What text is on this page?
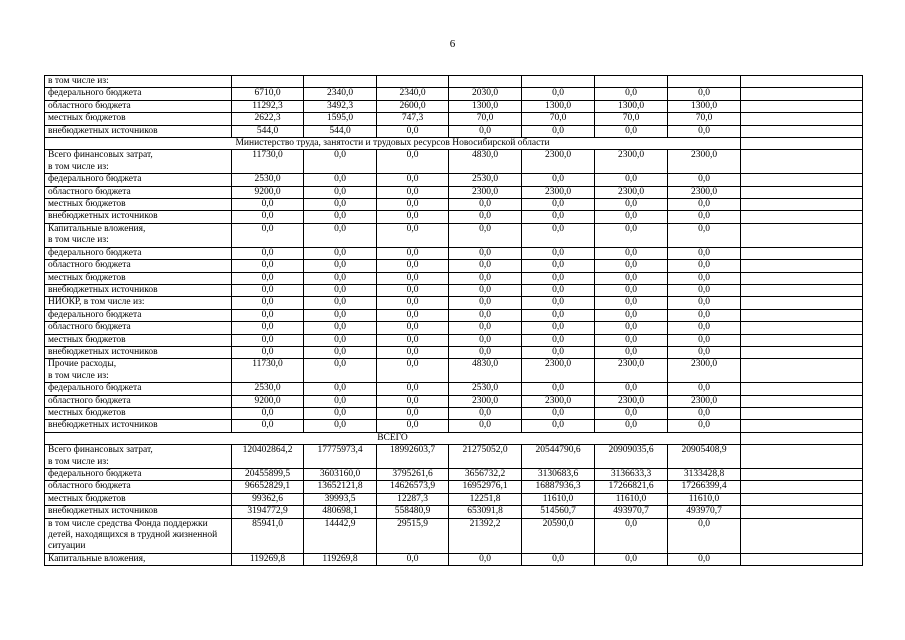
6
в том числе из:								

федерального бюджета	6710,0	2340,0	2340,0	2030,0	0,0	0,0	0,0	

областного бюджета	11292,3	3492,3	2600,0	1300,0	1300,0	1300,0	1300,0	

местных бюджетов	2622,3	1595,0	747,3	70,0	70,0	70,0	70,0	

внебюджетных источников	544,0	544,0	0,0	0,0	0,0	0,0	0,0	
Министерство труда, занятости и трудовых ресурсов Новосибирской области								

Всего финансовых затрат,
в том числе из:	11730,0	0,0	0,0	4830,0	2300,0	2300,0	2300,0	

федерального бюджета	2530,0	0,0	0,0	2530,0	0,0	0,0	0,0	

областного бюджета	9200,0	0,0	0,0	2300,0	2300,0	2300,0	2300,0	

местных бюджетов	0,0	0,0	0,0	0,0	0,0	0,0	0,0	

внебюджетных источников	0,0	0,0	0,0	0,0	0,0	0,0	0,0	

Капитальные вложения,
в том числе из:	0,0	0,0	0,0	0,0	0,0	0,0	0,0	

федерального бюджета	0,0	0,0	0,0	0,0	0,0	0,0	0,0	

областного бюджета	0,0	0,0	0,0	0,0	0,0	0,0	0,0	

местных бюджетов	0,0	0,0	0,0	0,0	0,0	0,0	0,0	

внебюджетных источников	0,0	0,0	0,0	0,0	0,0	0,0	0,0	

НИОКР, в том числе из:	0,0	0,0	0,0	0,0	0,0	0,0	0,0	

федерального бюджета	0,0	0,0	0,0	0,0	0,0	0,0	0,0	

областного бюджета	0,0	0,0	0,0	0,0	0,0	0,0	0,0	

местных бюджетов	0,0	0,0	0,0	0,0	0,0	0,0	0,0	

внебюджетных источников	0,0	0,0	0,0	0,0	0,0	0,0	0,0	

Прочие расходы,
в том числе из:	11730,0	0,0	0,0	4830,0	2300,0	2300,0	2300,0	

федерального бюджета	2530,0	0,0	0,0	2530,0	0,0	0,0	0,0	

областного бюджета	9200,0	0,0	0,0	2300,0	2300,0	2300,0	2300,0	

местных бюджетов	0,0	0,0	0,0	0,0	0,0	0,0	0,0	

внебюджетных источников	0,0	0,0	0,0	0,0	0,0	0,0	0,0	
ВСЕГО								

Всего финансовых затрат,
в том числе из:	120402864,2	17775973,4	18992603,7	21275052,0	20544790,6	20909035,6	20905408,9	

федерального бюджета	20455899,5	3603160,0	3795261,6	3656732,2	3130683,6	3136633,3	3133428,8	

областного бюджета	96652829,1	13652121,8	14626573,9	16952976,1	16887936,3	17266821,6	17266399,4	

местных бюджетов	99362,6	39993,5	12287,3	12251,8	11610,0	11610,0	11610,0	

внебюджетных источников	3194772,9	480698,1	558480,9	653091,8	514560,7	493970,7	493970,7	

в том числе средства Фонда поддержки детей, находящихся в трудной жизненной ситуации	85941,0	14442,9	29515,9	21392,2	20590,0	0,0	0,0	

Капитальные вложения,	119269,8	119269,8	0,0	0,0	0,0	0,0	0,0	
